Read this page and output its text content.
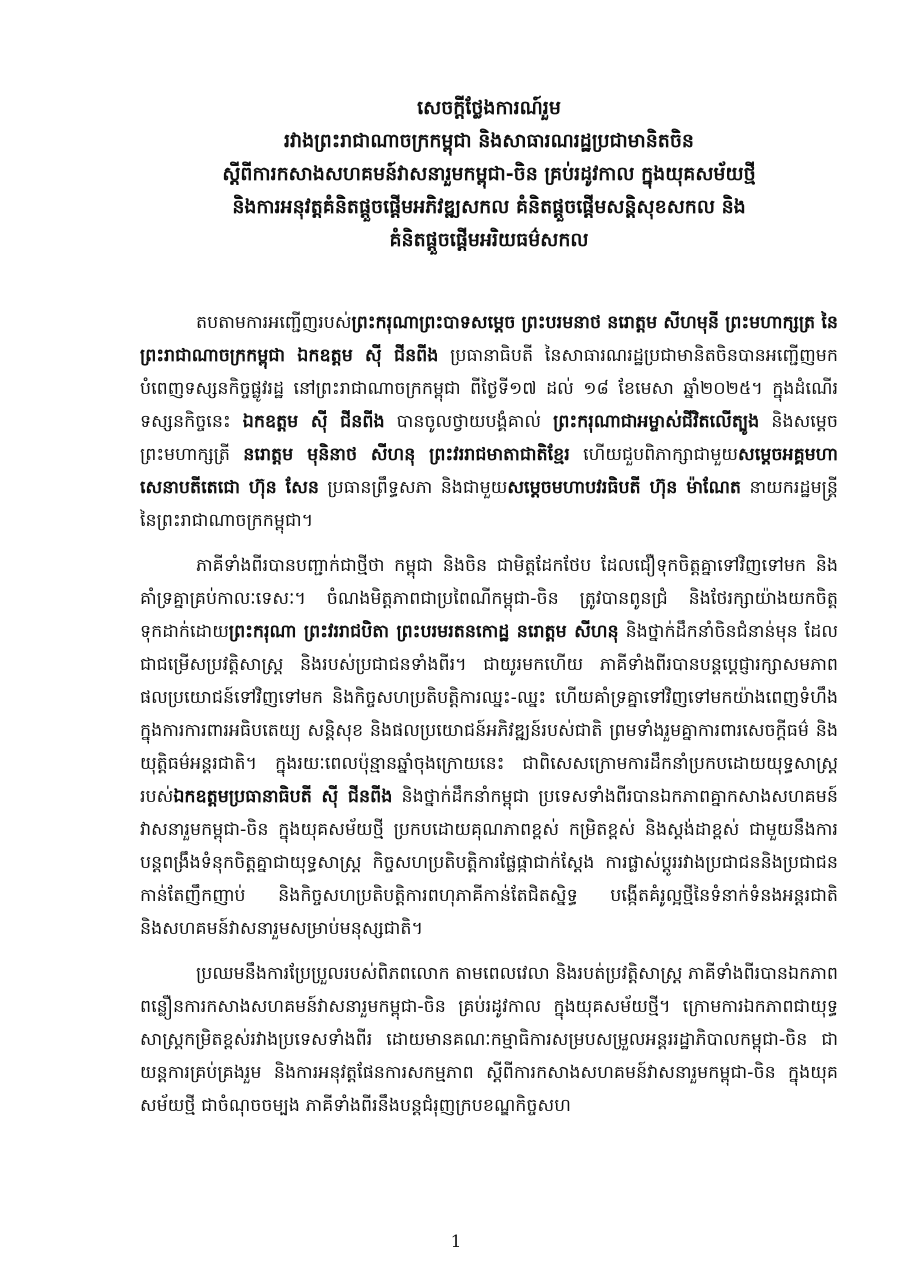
សេចក្តីថ្លែងការណ៍រួម
រវាងព្រះរាជាណាចក្រកម្ពុជា និងសាធារណរដ្ឋប្រជាមានិតចិន
ស្តីពីការកសាងសហគមន៍វាសនារួមកម្ពុជា-ចិន គ្រប់រដូវកាល ក្នុងយុគសម័យថ្មី
និងការអនុវត្តគំនិតផ្តួចផ្តើមអភិវឌ្ឍសកល គំនិតផ្តួចផ្តើមសន្តិសុខសកល និង
គំនិតផ្តួចផ្តើមអរិយធម៌សកល

តបតាមការអញ្ជើញរបស់ព្រះករុណាព្រះបាទសម្តេច ព្រះបរមនាថ នរោត្តម សីហមុនី ព្រះមហាក្សត្រ នៃព្រះរាជាណាចក្រកម្ពុជា ឯកឧត្តម ស៊ី ជីនពីង ប្រធានាធិបតី នៃសាធារណរដ្ឋប្រជាមានិតចិនបានអញ្ជើញមកបំពេញទស្សនកិច្ចផ្លូវរដ្ឋ នៅព្រះរាជាណាចក្រកម្ពុជា ពីថ្ងៃទី១៧ ដល់ ១៨ ខែមេសា ឆ្នាំ២០២៥។ ក្នុងដំណើរទស្សនកិច្ចនេះ ឯកឧត្តម ស៊ី ជីនពីង បានចូលថ្វាយបង្គំគាល់ ព្រះករុណាជាអម្ចាស់ជីវិតលើត្បូង និងសម្តេចព្រះមហាក្សត្រី នរោត្តម មុនិនាថ សីហនុ ព្រះវររាជមាតាជាតិខ្មែរ ហើយជួបពិភាក្សាជាមួយសម្តេចអគ្គមហាសេនាបតីតេជោ ហ៊ុន សែន ប្រធានព្រឹទ្ធសភា និងជាមួយសម្តេចមហាបវរធិបតី ហ៊ុន ម៉ាណែត នាយករដ្ឋមន្ត្រី នៃព្រះរាជាណាចក្រកម្ពុជា។

ភាគីទាំងពីរបានបញ្ជាក់ជាថ្មីថា កម្ពុជា និងចិន ជាមិត្តដែកថែប ដែលជឿទុកចិត្តគ្នាទៅវិញទៅមក និងគាំទ្រគ្នាគ្រប់កាលៈទេសៈ។ ចំណងមិត្តភាពជាប្រពៃណីកម្ពុជា-ចិន ត្រូវបានពូនជ្រំ និងថែរក្សាយ៉ាងយកចិត្តទុកដាក់ដោយព្រះករុណា ព្រះវររាជបិតា ព្រះបរមរតនកោដ្ឋ នរោត្តម សីហនុ និងថ្នាក់ដឹកនាំចិនជំនាន់មុន ដែលជាជម្រើសប្រវត្តិសាស្រ្ត និងរបស់ប្រជាជនទាំងពីរ។ ជាយូរមកហើយ ភាគីទាំងពីរបានបន្តប្តេជ្ញារក្សាសមភាព ផលប្រយោជន៍ទៅវិញទៅមក និងកិច្ចសហប្រតិបត្តិការឈ្នះ-ឈ្នះ ហើយគាំទ្រគ្នាទៅវិញទៅមកយ៉ាងពេញទំហឹង ក្នុងការការពារអធិបតេយ្យ សន្តិសុខ និងផលប្រយោជន៍អភិវឌ្ឍន៍របស់ជាតិ ព្រមទាំងរួមគ្នាការពារសេចក្តីធម៌ និងយុត្តិធម៌អន្តរជាតិ។ ក្នុងរយៈពេលប៉ុន្មានឆ្នាំចុងក្រោយនេះ ជាពិសេសក្រោមការដឹកនាំប្រកបដោយយុទ្ធសាស្រ្តរបស់ឯកឧត្តមប្រធានាធិបតី ស៊ី ជីនពីង និងថ្នាក់ដឹកនាំកម្ពុជា ប្រទេសទាំងពីរបានឯកភាពគ្នាកសាងសហគមន៍វាសនារួមកម្ពុជា-ចិន ក្នុងយុគសម័យថ្មី ប្រកបដោយគុណភាពខ្ពស់ កម្រិតខ្ពស់ និងស្តង់ដាខ្ពស់ ជាមួយនឹងការបន្តពង្រឹងទំនុកចិត្តគ្នាជាយុទ្ធសាស្រ្ត កិច្ចសហប្រតិបត្តិការផ្លែផ្កាជាក់ស្តែង ការផ្លាស់ប្តូររវាងប្រជាជននិងប្រជាជនកាន់តែញឹកញាប់ និងកិច្ចសហប្រតិបត្តិការពហុភាគីកាន់តែជិតស្និទ្ធ បង្កើតគំរូល្អថ្មីនៃទំនាក់ទំនងអន្តរជាតិ និងសហគមន៍វាសនារួមសម្រាប់មនុស្សជាតិ។

ប្រឈមនឹងការប្រែប្រួលរបស់ពិភពលោក តាមពេលវេលា និងរបត់ប្រវត្តិសាស្រ្ត ភាគីទាំងពីរបានឯកភាពពន្លឿនការកសាងសហគមន៍វាសនារួមកម្ពុជា-ចិន គ្រប់រដូវកាល ក្នុងយុគសម័យថ្មី។ ក្រោមការឯកភាពជាយុទ្ធសាស្រ្តកម្រិតខ្ពស់រវាងប្រទេសទាំងពីរ ដោយមានគណៈកម្មាធិការសម្របសម្រួលអន្តររដ្ឋាភិបាលកម្ពុជា-ចិន ជាយន្តការគ្រប់គ្រងរួម និងការអនុវត្តផែនការសកម្មភាព ស្តីពីការកសាងសហគមន៍វាសនារួមកម្ពុជា-ចិន ក្នុងយុគសម័យថ្មី ជាចំណុចចម្បង ភាគីទាំងពីរនឹងបន្តជំរុញក្របខណ្ឌកិច្ចសហ

1
